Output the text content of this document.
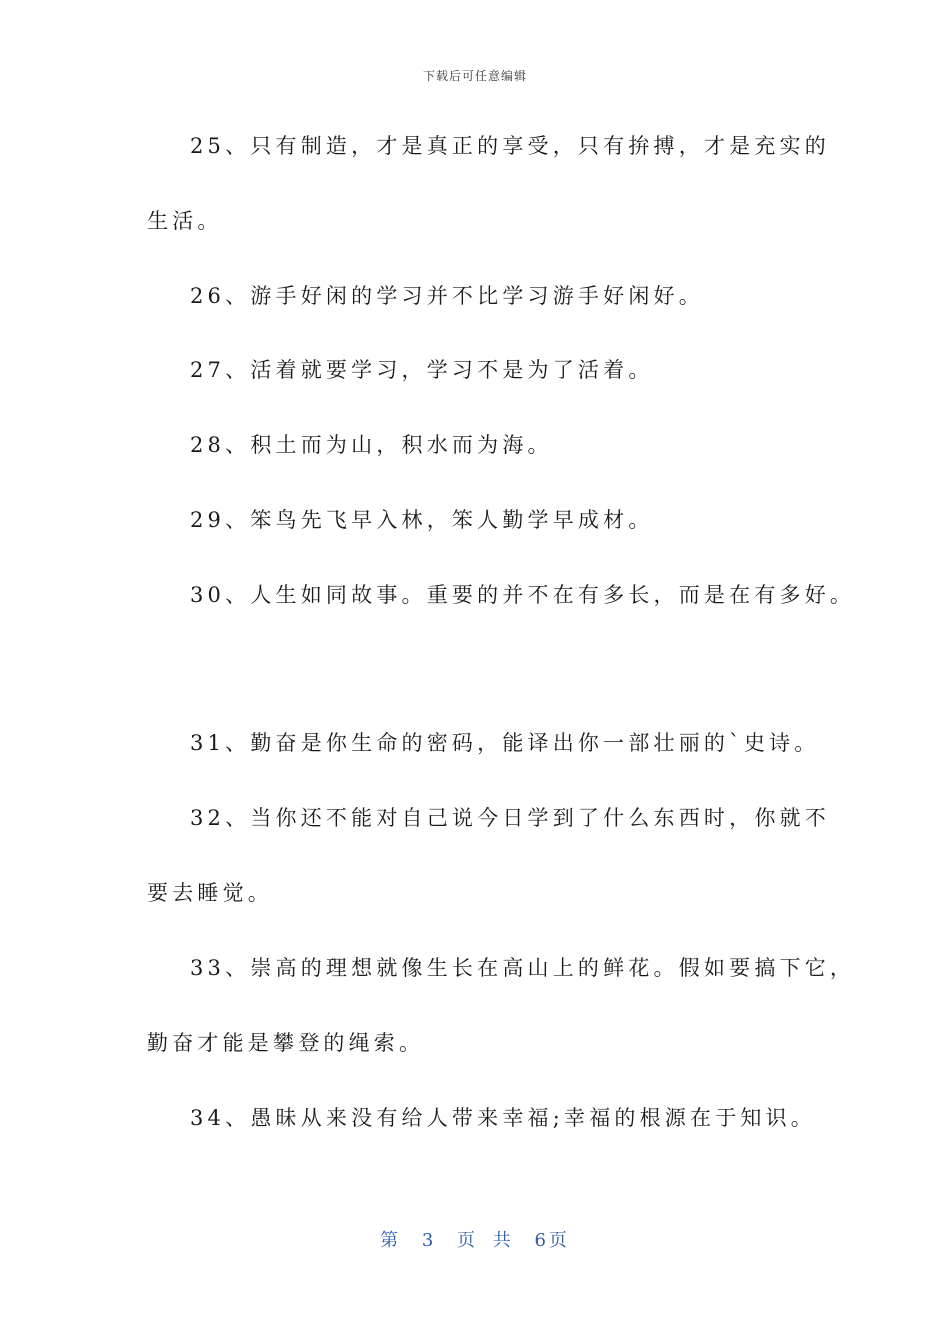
下载后可任意编辑
25、只有制造，才是真正的享受，只有拚搏，才是充实的
生活。
26、游手好闲的学习并不比学习游手好闲好。
27、活着就要学习，学习不是为了活着。
28、积土而为山，积水而为海。
29、笨鸟先飞早入林，笨人勤学早成材。
30、人生如同故事。重要的并不在有多长，而是在有多好。
31、勤奋是你生命的密码，能译出你一部壮丽的`史诗。
32、当你还不能对自己说今日学到了什么东西时，你就不
要去睡觉。
33、崇高的理想就像生长在高山上的鲜花。假如要搞下它，
勤奋才能是攀登的绳索。
34、愚昧从来没有给人带来幸福;幸福的根源在于知识。
第 3 页 共 6页
